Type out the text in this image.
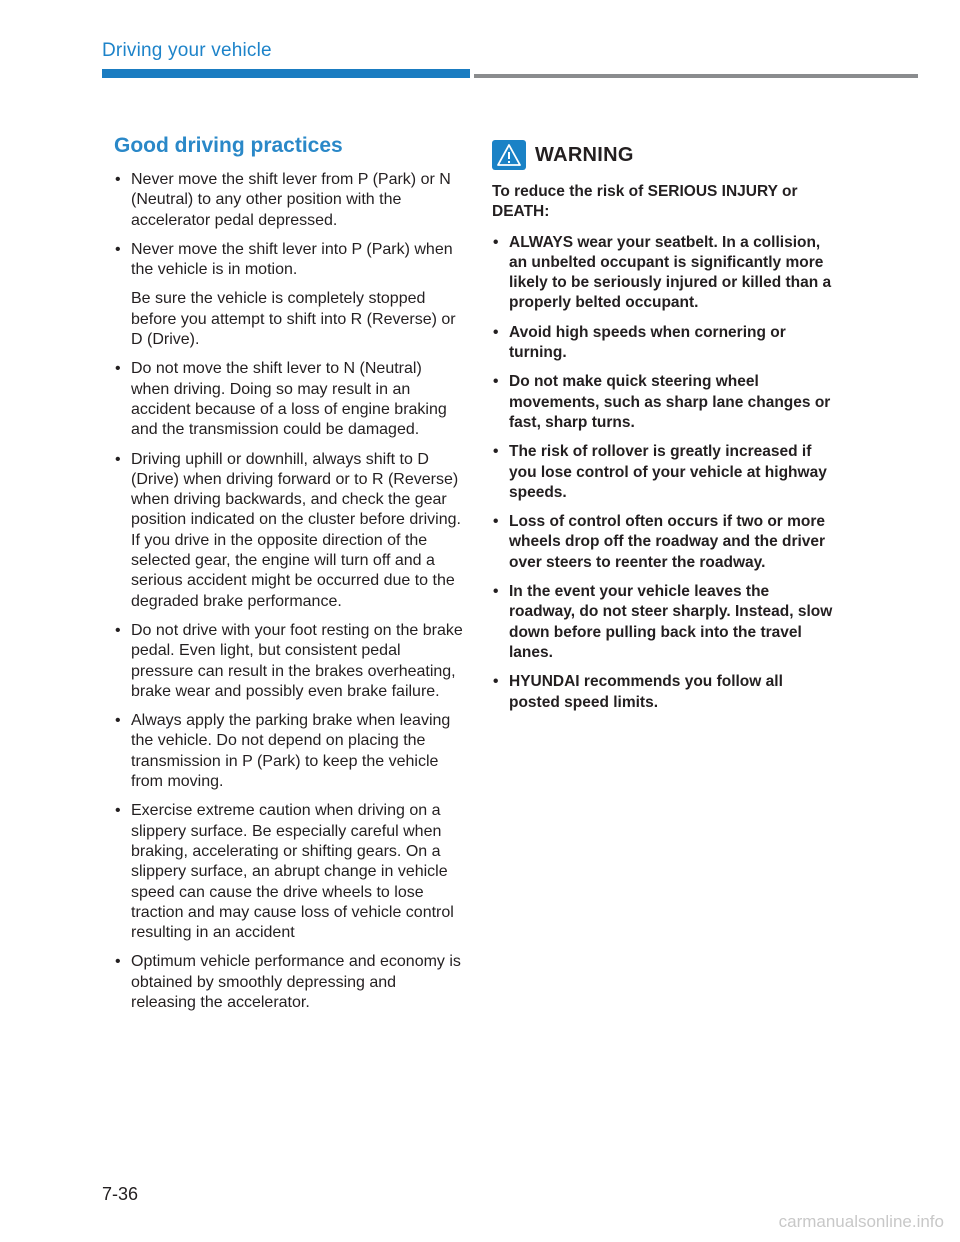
Driving your vehicle
Good driving practices

• Never move the shift lever from P (Park) or N (Neutral) to any other position with the accelerator pedal depressed.

• Never move the shift lever into P (Park) when the vehicle is in motion.

Be sure the vehicle is completely stopped before you attempt to shift into R (Reverse) or D (Drive).

• Do not move the shift lever to N (Neutral) when driving. Doing so may result in an accident because of a loss of engine braking and the transmission could be damaged.

• Driving uphill or downhill, always shift to D (Drive) when driving forward or to R (Reverse) when driving backwards, and check the gear position indicated on the cluster before driving. If you drive in the opposite direction of the selected gear, the engine will turn off and a serious accident might be occurred due to the degraded brake performance.

• Do not drive with your foot resting on the brake pedal. Even light, but consistent pedal pressure can result in the brakes overheating, brake wear and possibly even brake failure.

• Always apply the parking brake when leaving the vehicle. Do not depend on placing the transmission in P (Park) to keep the vehicle from moving.

• Exercise extreme caution when driving on a slippery surface. Be especially careful when braking, accelerating or shifting gears. On a slippery surface, an abrupt change in vehicle speed can cause the drive wheels to lose traction and may cause loss of vehicle control resulting in an accident

• Optimum vehicle performance and economy is obtained by smoothly depressing and releasing the accelerator.

WARNING

To reduce the risk of SERIOUS INJURY or DEATH:

• ALWAYS wear your seatbelt. In a collision, an unbelted occupant is significantly more likely to be seriously injured or killed than a properly belted occupant.

• Avoid high speeds when cornering or turning.

• Do not make quick steering wheel movements, such as sharp lane changes or fast, sharp turns.

• The risk of rollover is greatly increased if you lose control of your vehicle at highway speeds.

• Loss of control often occurs if two or more wheels drop off the roadway and the driver over steers to reenter the roadway.

• In the event your vehicle leaves the roadway, do not steer sharply. Instead, slow down before pulling back into the travel lanes.

• HYUNDAI recommends you follow all posted speed limits.

7-36
carmanualsonline.info
